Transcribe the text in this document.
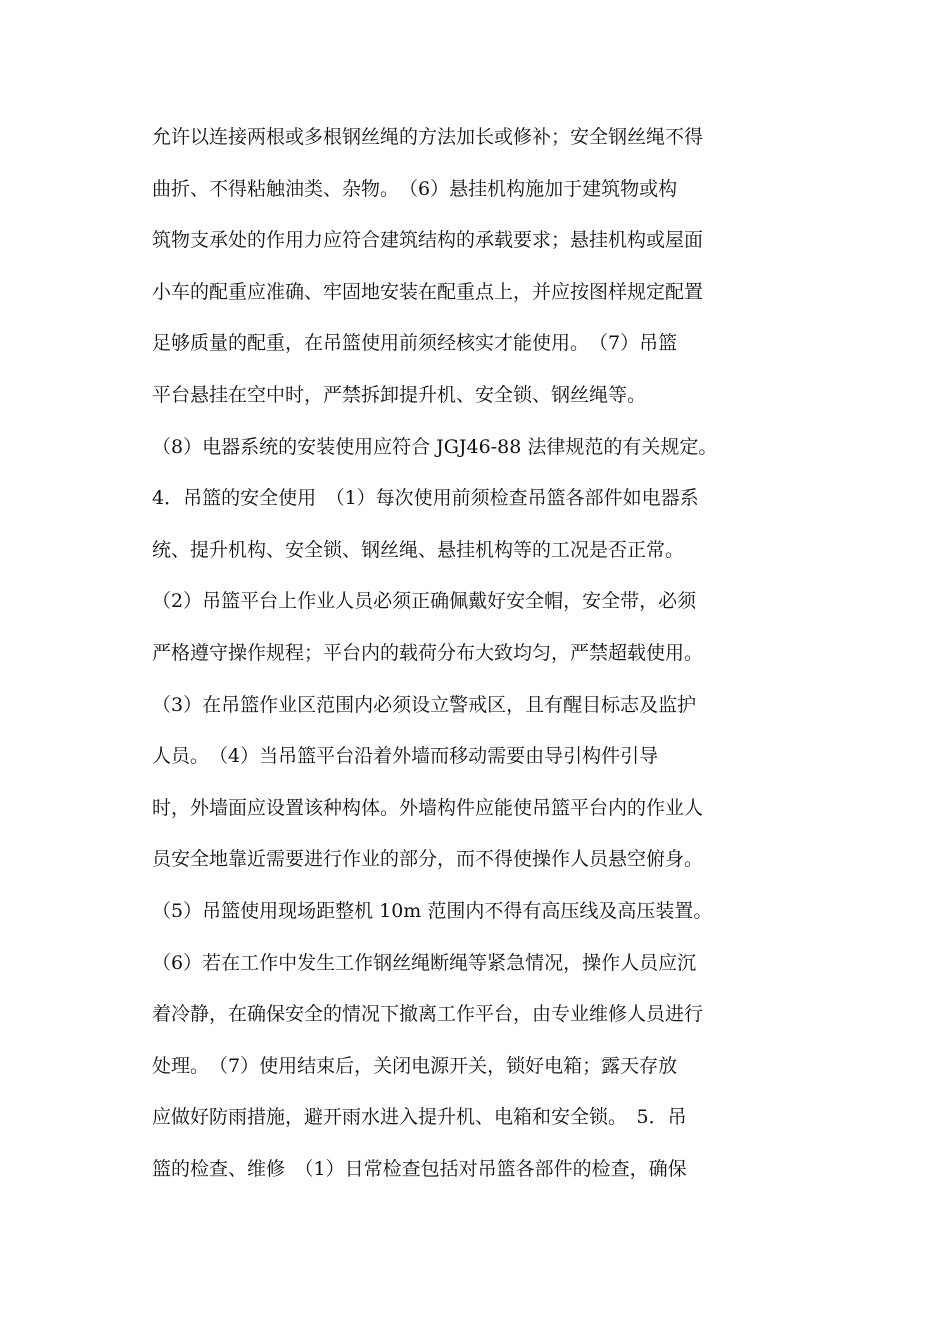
允许以连接两根或多根钢丝绳的方法加长或修补；安全钢丝绳不得
曲折、不得粘触油类、杂物。　（6）悬挂机构施加于建筑物或构
筑物支承处的作用力应符合建筑结构的承载要求；悬挂机构或屋面
小车的配重应准确、牢固地安装在配重点上，并应按图样规定配置
足够质量的配重，在吊篮使用前须经核实才能使用。　（7）吊篮
平台悬挂在空中时，严禁拆卸提升机、安全锁、钢丝绳等。
（8）电器系统的安装使用应符合 JGJ46-88 法律规范的有关规定。
4．吊篮的安全使用　（1）每次使用前须检查吊篮各部件如电器系
统、提升机构、安全锁、钢丝绳、悬挂机构等的工况是否正常。
（2）吊篮平台上作业人员必须正确佩戴好安全帽，安全带，必须
严格遵守操作规程；平台内的载荷分布大致均匀，严禁超载使用。
（3）在吊篮作业区范围内必须设立警戒区，且有醒目标志及监护
人员。　（4）当吊篮平台沿着外墙而移动需要由导引构件引导
时，外墙面应设置该种构体。外墙构件应能使吊篮平台内的作业人
员安全地靠近需要进行作业的部分，而不得使操作人员悬空俯身。
（5）吊篮使用现场距整机 10m 范围内不得有高压线及高压装置。
（6）若在工作中发生工作钢丝绳断绳等紧急情况，操作人员应沉
着冷静，在确保安全的情况下撤离工作平台，由专业维修人员进行
处理。　（7）使用结束后，关闭电源开关，锁好电箱；露天存放
应做好防雨措施，避开雨水进入提升机、电箱和安全锁。　5．吊
篮的检查、维修　（1）日常检查包括对吊篮各部件的检查，确保
